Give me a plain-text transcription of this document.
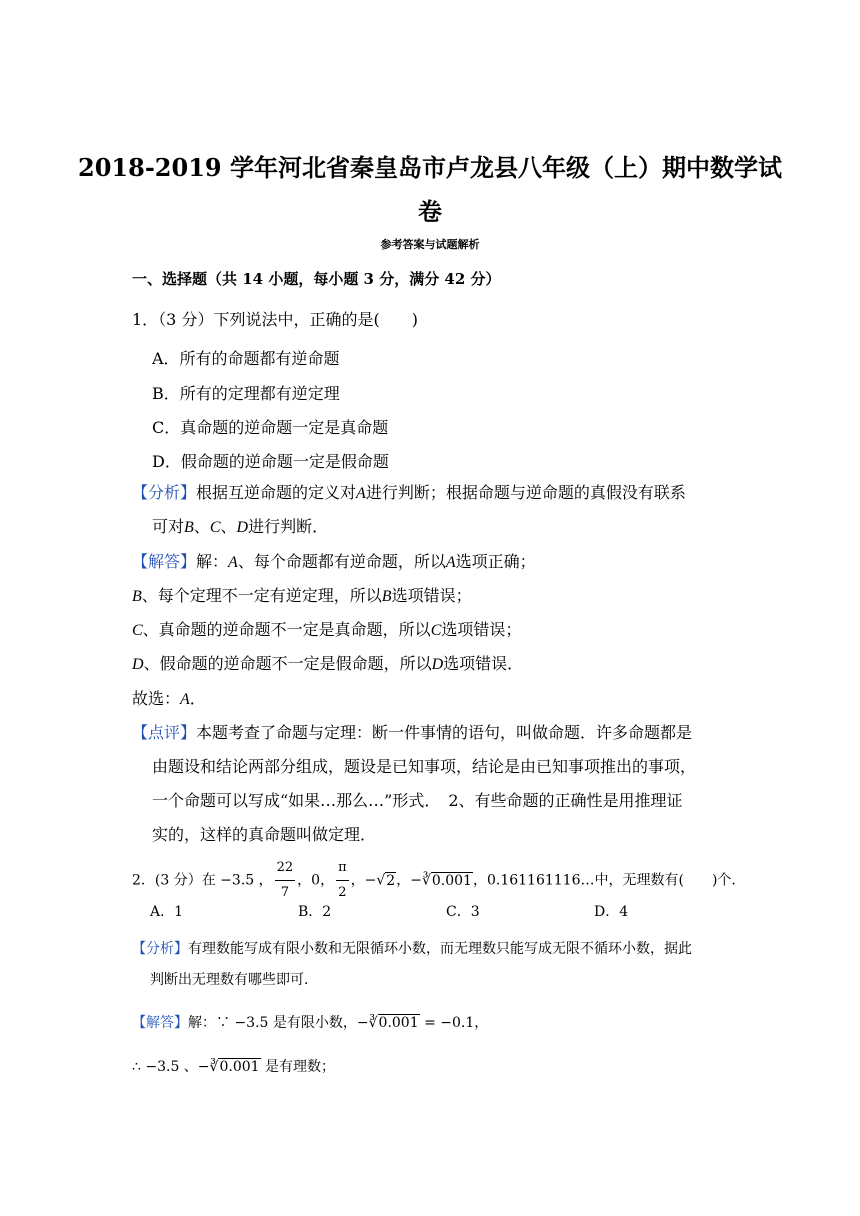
2018-2019 学年河北省秦皇岛市卢龙县八年级（上）期中数学试
卷
参考答案与试题解析
一、选择题（共 14 小题，每小题 3 分，满分 42 分）
1．（3 分）下列说法中，正确的是(　　)
A．所有的命题都有逆命题
B．所有的定理都有逆定理
C．真命题的逆命题一定是真命题
D．假命题的逆命题一定是假命题
【分析】根据互逆命题的定义对A进行判断；根据命题与逆命题的真假没有联系
可对B、C、D进行判断．
【解答】解：A、每个命题都有逆命题，所以A选项正确；
B、每个定理不一定有逆定理，所以B选项错误；
C、真命题的逆命题不一定是真命题，所以C选项错误；
D、假命题的逆命题不一定是假命题，所以D选项错误．
故选：A．
【点评】本题考查了命题与定理：断一件事情的语句，叫做命题．许多命题都是
由题设和结论两部分组成，题设是已知事项，结论是由已知事项推出的事项，
一个命题可以写成“如果…那么…”形式．　2、有些命题的正确性是用推理证
实的，这样的真命题叫做定理．
2．(3 分）在 −3.5 ， $\frac{22}{7}$ ，0， $\frac{\pi}{2}$ ，−√2，−∛0.001，0.161161116…中，无理数有(　　)个．
A．1	B．2	C．3	D．4
【分析】有理数能写成有限小数和无限循环小数，而无理数只能写成无限不循环小数，据此
判断出无理数有哪些即可．
【解答】解：∵ −3.5 是有限小数，−∛0.001 = −0.1，
∴ −3.5 、−∛0.001 是有理数；
